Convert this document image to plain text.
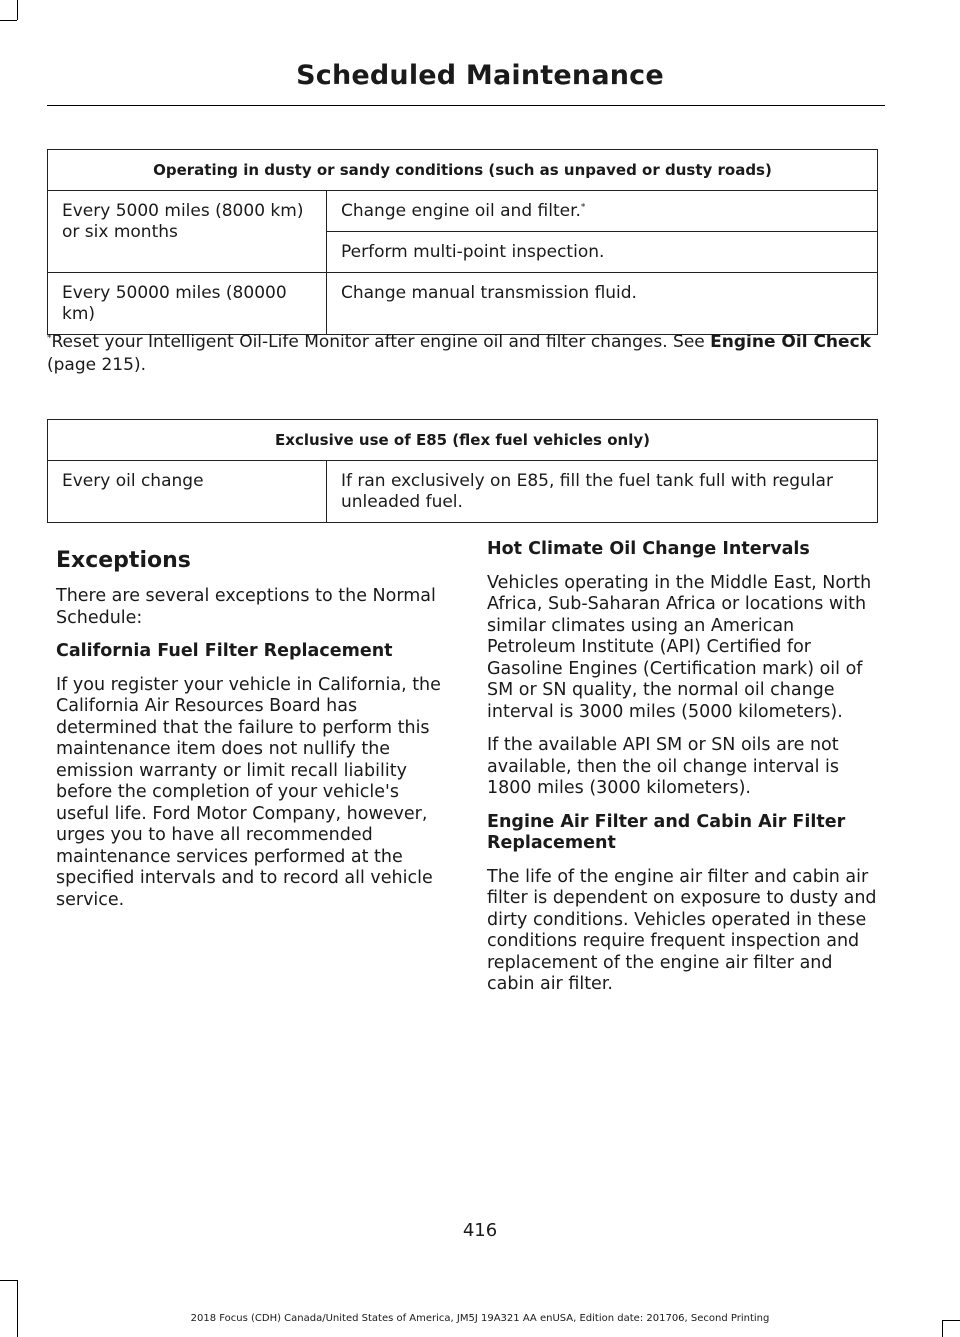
Scheduled Maintenance
Operating in dusty or sandy conditions (such as unpaved or dusty roads)	
Every 5000 miles (8000 km) or six months	Change engine oil and filter.*
	Perform multi-point inspection.
Every 50000 miles (80000 km)	Change manual transmission fluid.
*Reset your Intelligent Oil-Life Monitor after engine oil and filter changes. See Engine Oil Check (page 215).
Exclusive use of E85 (flex fuel vehicles only)
Every oil change	If ran exclusively on E85, fill the fuel tank full with regular unleaded fuel.
Exceptions

There are several exceptions to the Normal Schedule:

California Fuel Filter Replacement

If you register your vehicle in California, the California Air Resources Board has determined that the failure to perform this maintenance item does not nullify the emission warranty or limit recall liability before the completion of your vehicle's useful life. Ford Motor Company, however, urges you to have all recommended maintenance services performed at the specified intervals and to record all vehicle service.

Hot Climate Oil Change Intervals

Vehicles operating in the Middle East, North Africa, Sub-Saharan Africa or locations with similar climates using an American Petroleum Institute (API) Certified for Gasoline Engines (Certification mark) oil of SM or SN quality, the normal oil change interval is 3000 miles (5000 kilometers).

If the available API SM or SN oils are not available, then the oil change interval is 1800 miles (3000 kilometers).

Engine Air Filter and Cabin Air Filter Replacement

The life of the engine air filter and cabin air filter is dependent on exposure to dusty and dirty conditions. Vehicles operated in these conditions require frequent inspection and replacement of the engine air filter and cabin air filter.

416
2018 Focus (CDH) Canada/United States of America, JM5J 19A321 AA enUSA, Edition date: 201706, Second Printing
